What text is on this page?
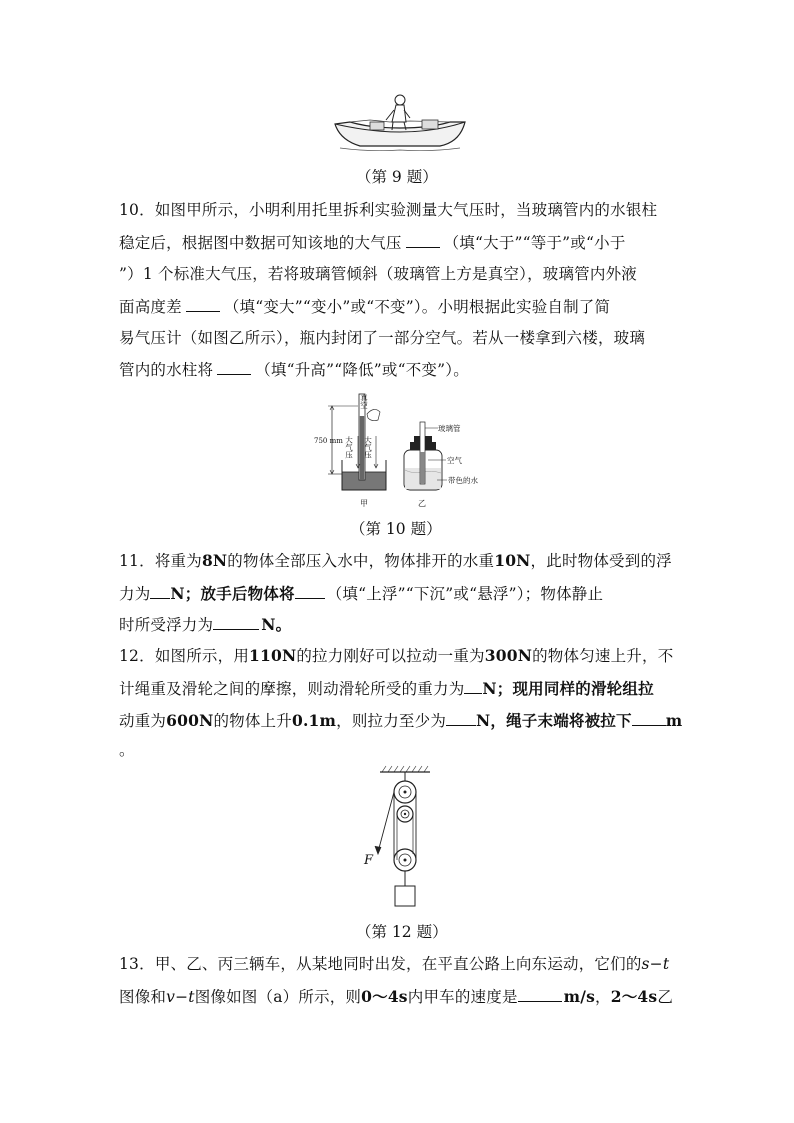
（第 9 题）
10．如图甲所示，小明利用托里拆利实验测量大气压时，当玻璃管内的水银柱
稳定后，根据图中数据可知该地的大气压	（填“大于”“等于”或“小于
”）1 个标准大气压，若将玻璃管倾斜（玻璃管上方是真空），玻璃管内外液
面高度差	（填“变大”“变小”或“不变”）。小明根据此实验自制了简
易气压计（如图乙所示），瓶内封闭了一部分空气。若从一楼拿到六楼，玻璃
管内的水柱将	（填“升高”“降低”或“不变”）。
真空
750 mm 大气压 大气压
甲
玻璃管
空气
带色的水
乙
（第 10 题）
11．将重为8N的物体全部压入水中，物体排开的水重10N，此时物体受到的浮
力为 N；放手后物体将 （填“上浮”“下沉”或“悬浮”）；物体静止
时所受浮力为	N。
12．如图所示，用110N的拉力刚好可以拉动一重为300N的物体匀速上升，不
计绳重及滑轮之间的摩擦，则动滑轮所受的重力为 N；现用同样的滑轮组拉
动重为600N的物体上升0.1m，则拉力至少为 N，绳子末端将被拉下 m
。
F
（第 12 题）
13．甲、乙、丙三辆车，从某地同时出发，在平直公路上向东运动，它们的s−t
图像和v−t图像如图（a）所示，则0～4s内甲车的速度是	m/s，2～4s乙
